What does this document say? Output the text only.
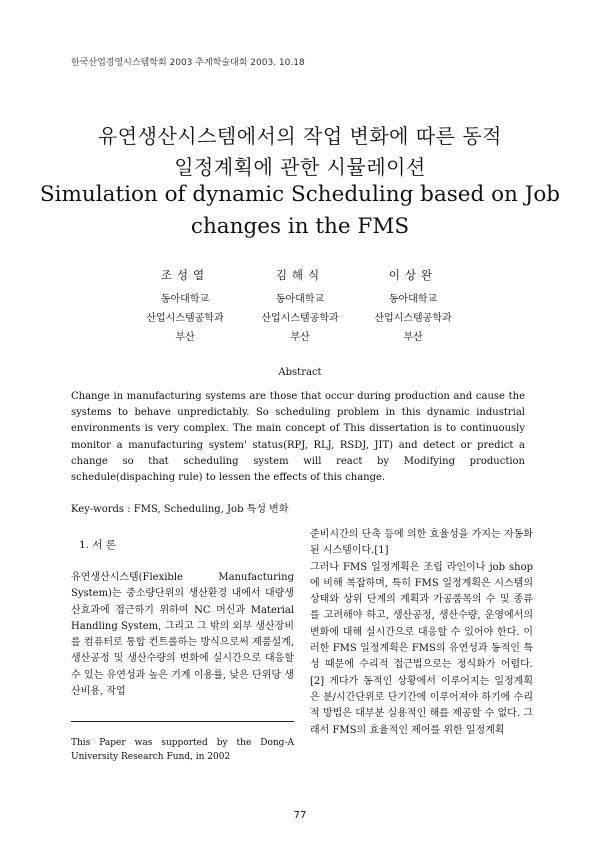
한국산업경영시스템학회 2003 추계학술대회 2003. 10.18
유연생산시스템에서의 작업 변화에 따른 동적
일정계획에 관한 시뮬레이션
Simulation of dynamic Scheduling based on Job
changes in the FMS
조성열
동아대학교
산업시스템공학과
부산
김해식
동아대학교
산업시스템공학과
부산
이상완
동아대학교
산업시스템공학과
부산
Abstract
Change in manufacturing systems are those that occur during production and cause the systems to behave unpredictably. So scheduling problem in this dynamic industrial environments is very complex. The main concept of This dissertation is to continuously monitor a manufacturing system' status(RPJ, RLJ, RSDJ, JIT) and detect or predict a change so that scheduling system will react by Modifying production schedule(dispaching rule) to lessen the effects of this change.
Key-words : FMS, Scheduling, Job 특성 변화
1. 서 론
유연생산시스템(Flexible Manufacturing System)는 중소량단위의 생산환경 내에서 대량생산효과에 접근하기 위하여 NC 머신과 Material Handling System, 그리고 그 밖의 외부 생산장비를 컴퓨터로 통합 컨트롤하는 방식으로써 제품설계, 생산공정 및 생산수량의 변화에 실시간으로 대응할 수 있는 유연성과 높은 기계 이용률, 낮은 단위당 생산비용, 작업
This Paper was supported by the Dong-A University Research Fund, in 2002
준비시간의 단축 등에 의한 효율성을 가지는 자동화된 시스템이다.[1]
그러나 FMS 일정계획은 조립 라인이나 job shop에 비해 복잡하며, 특히 FMS 일정계획은 시스템의 상태와 상위 단계의 계획과 가공품목의 수 및 종류를 고려해야 하고, 생산공정, 생산수량, 운영에서의 변화에 대해 실시간으로 대응할 수 있어야 한다. 이러한 FMS 일정계획은 FMS의 유연성과 동적인 특성 때문에 수리적 접근법으로는 정식화가 어렵다.[2] 게다가 동적인 상황에서 이루어지는 일정계획은 분/시간단위로 단기간에 이루어져야 하기에 수리적 방법은 대부분 실용적인 해를 제공할 수 없다. 그래서 FMS의 효율적인 제어를 위한 일정계획
77
